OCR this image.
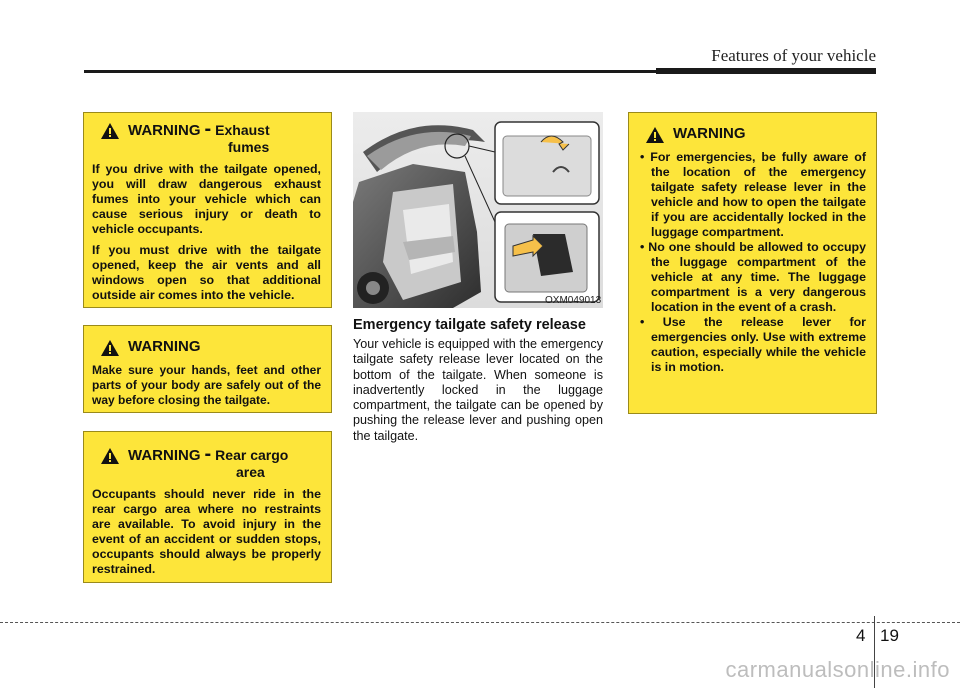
Features of your vehicle
WARNING - Exhaust
fumes

If you drive with the tailgate opened, you will draw dangerous exhaust fumes into your vehicle which can cause serious injury or death to vehicle occupants.

If you must drive with the tailgate opened, keep the air vents and all windows open so that additional outside air comes into the vehicle.

WARNING

Make sure your hands, feet and other parts of your body are safely out of the way before closing the tailgate.

WARNING - Rear cargo
area

Occupants should never ride in the rear cargo area where no restraints are available. To avoid injury in the event of an accident or sudden stops, occupants should always be properly restrained.

OXM049013
Emergency tailgate safety release
Your vehicle is equipped with the emergency tailgate safety release lever located on the bottom of the tailgate. When someone is inadvertently locked in the luggage compartment, the tailgate can be opened by pushing the release lever and pushing open the tailgate.
WARNING
• For emergencies, be fully aware of the location of the emergency tailgate safety release lever in the vehicle and how to open the tailgate if you are accidentally locked in the luggage compartment.
• No one should be allowed to occupy the luggage compartment of the vehicle at any time. The luggage compartment is a very dangerous location in the event of a crash.
• Use the release lever for emergencies only. Use with extreme caution, especially while the vehicle is in motion.
4 19
carmanualsonline.info
